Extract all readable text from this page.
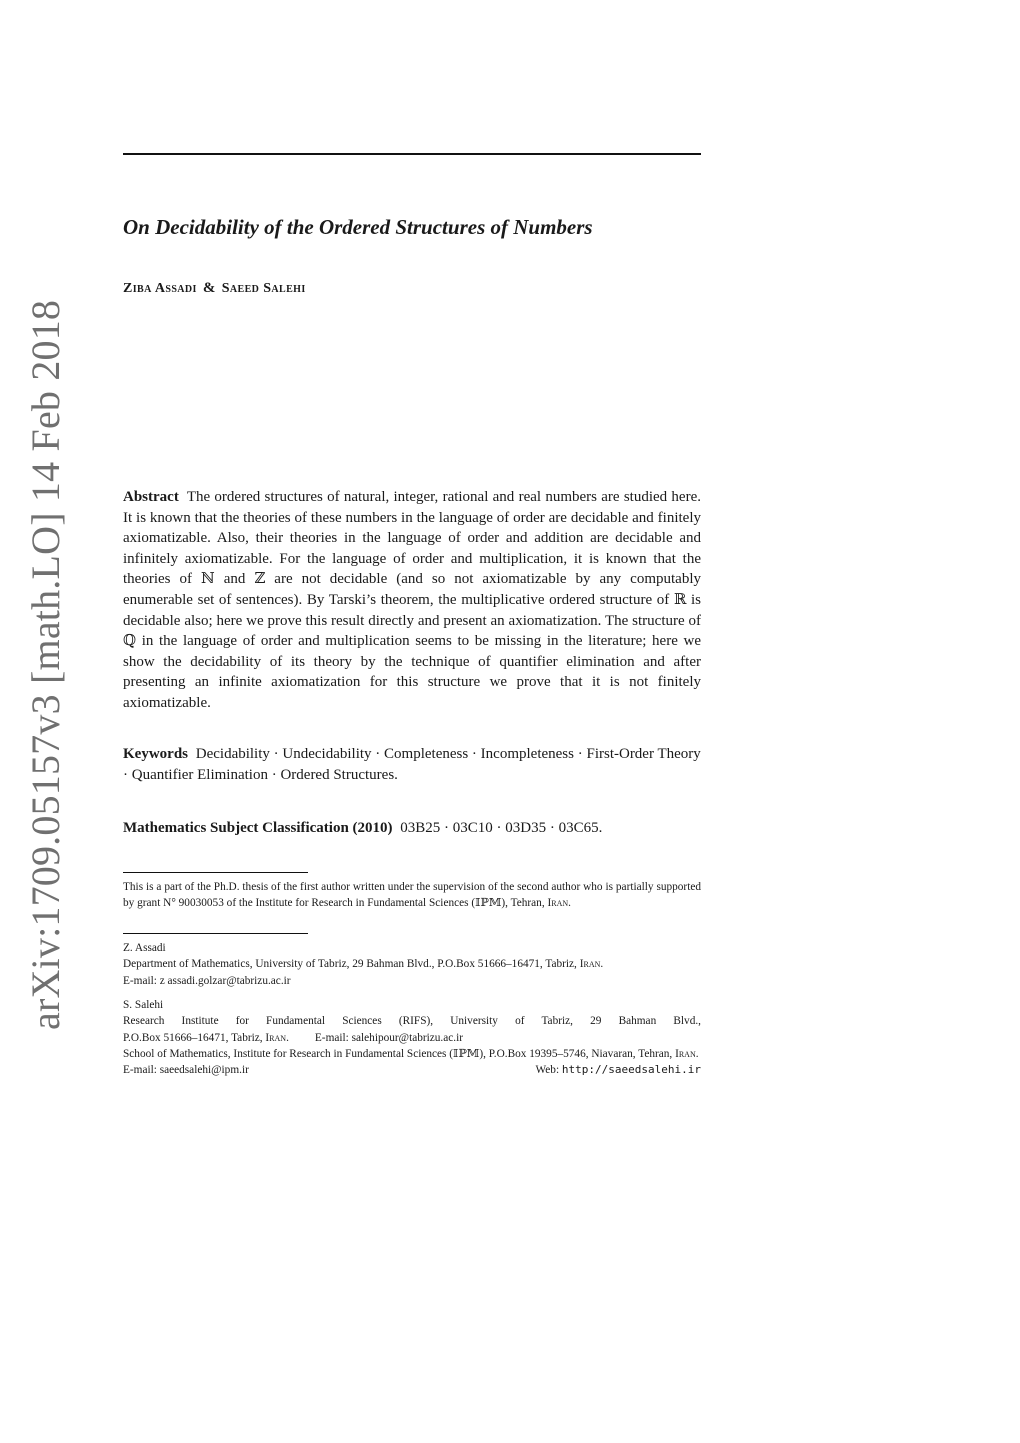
arXiv:1709.05157v3 [math.LO] 14 Feb 2018
On Decidability of the Ordered Structures of Numbers
Ziba Assadi & Saeed Salehi

Abstract The ordered structures of natural, integer, rational and real numbers are studied here. It is known that the theories of these numbers in the language of order are decidable and finitely axiomatizable. Also, their theories in the language of order and addition are decidable and infinitely axiomatizable. For the language of order and multiplication, it is known that the theories of ℕ and ℤ are not decidable (and so not axiomatizable by any computably enumerable set of sentences). By Tarski’s theorem, the multiplicative ordered structure of ℝ is decidable also; here we prove this result directly and present an axiomatization. The structure of ℚ in the language of order and multiplication seems to be missing in the literature; here we show the decidability of its theory by the technique of quantifier elimination and after presenting an infinite axiomatization for this structure we prove that it is not finitely axiomatizable.

Keywords Decidability · Undecidability · Completeness · Incompleteness · First-Order Theory · Quantifier Elimination · Ordered Structures.

Mathematics Subject Classification (2010) 03B25 · 03C10 · 03D35 · 03C65.

This is a part of the Ph.D. thesis of the first author written under the supervision of the second author who is partially supported by grant N° 90030053 of the Institute for Research in Fundamental Sciences (𝕀ℙ𝕄), Tehran, Iran.

Z. Assadi
Department of Mathematics, University of Tabriz, 29 Bahman Blvd., P.O.Box 51666–16471, Tabriz, Iran.
E-mail: z assadi.golzar@tabrizu.ac.ir
S. Salehi
Research Institute for Fundamental Sciences (RIFS), University of Tabriz, 29 Bahman Blvd.,
P.O.Box 51666–16471, Tabriz, Iran. E-mail: salehipour@tabrizu.ac.ir
School of Mathematics, Institute for Research in Fundamental Sciences (𝕀ℙ𝕄), P.O.Box 19395–5746, Niavaran, Tehran, Iran.
E-mail: saeedsalehi@ipm.ir	Web: http://saeedsalehi.ir
